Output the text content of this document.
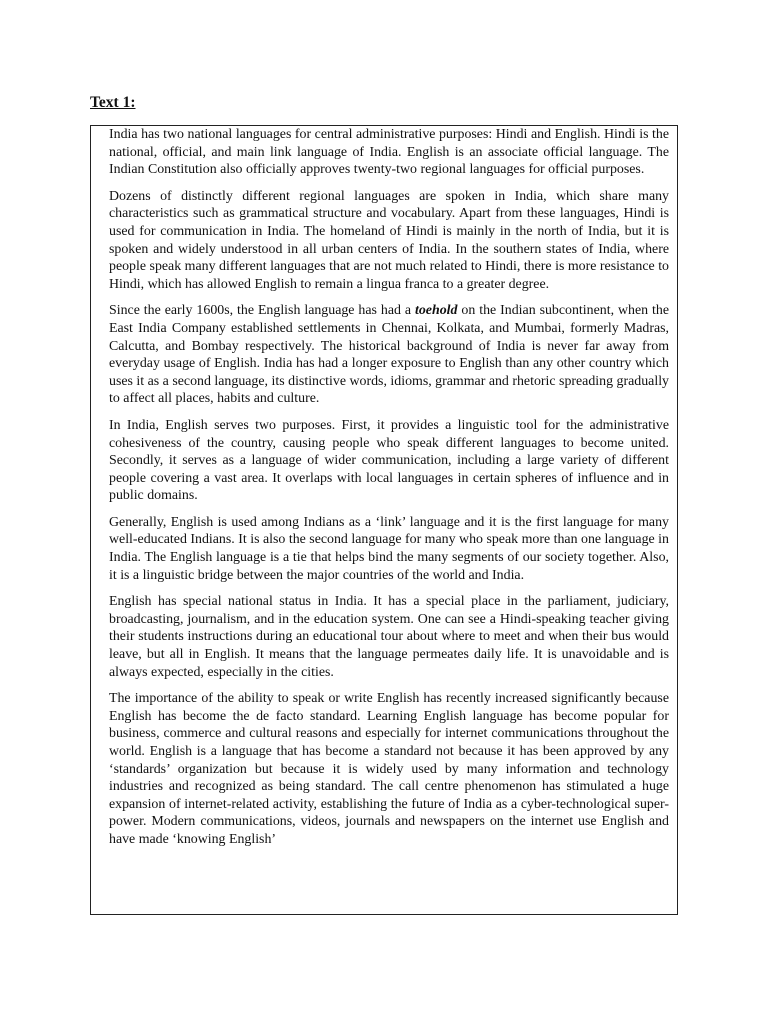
Text 1:

India has two national languages for central administrative purposes: Hindi and English. Hindi is the national, official, and main link language of India. English is an associate official language. The Indian Constitution also officially approves twenty-two regional languages for official purposes.

Dozens of distinctly different regional languages are spoken in India, which share many characteristics such as grammatical structure and vocabulary. Apart from these languages, Hindi is used for communication in India. The homeland of Hindi is mainly in the north of India, but it is spoken and widely understood in all urban centers of India. In the southern states of India, where people speak many different languages that are not much related to Hindi, there is more resistance to Hindi, which has allowed English to remain a lingua franca to a greater degree.

Since the early 1600s, the English language has had a toehold on the Indian subcontinent, when the East India Company established settlements in Chennai, Kolkata, and Mumbai, formerly Madras, Calcutta, and Bombay respectively. The historical background of India is never far away from everyday usage of English. India has had a longer exposure to English than any other country which uses it as a second language, its distinctive words, idioms, grammar and rhetoric spreading gradually to affect all places, habits and culture.

In India, English serves two purposes. First, it provides a linguistic tool for the administrative cohesiveness of the country, causing people who speak different languages to become united. Secondly, it serves as a language of wider communication, including a large variety of different people covering a vast area. It overlaps with local languages in certain spheres of influence and in public domains.

Generally, English is used among Indians as a ‘link’ language and it is the first language for many well-educated Indians. It is also the second language for many who speak more than one language in India. The English language is a tie that helps bind the many segments of our society together. Also, it is a linguistic bridge between the major countries of the world and India.

English has special national status in India. It has a special place in the parliament, judiciary, broadcasting, journalism, and in the education system. One can see a Hindi-speaking teacher giving their students instructions during an educational tour about where to meet and when their bus would leave, but all in English. It means that the language permeates daily life. It is unavoidable and is always expected, especially in the cities.

The importance of the ability to speak or write English has recently increased significantly because English has become the de facto standard. Learning English language has become popular for business, commerce and cultural reasons and especially for internet communications throughout the world. English is a language that has become a standard not because it has been approved by any ‘standards’ organization but because it is widely used by many information and technology industries and recognized as being standard. The call centre phenomenon has stimulated a huge expansion of internet-related activity, establishing the future of India as a cyber-technological super-power. Modern communications, videos, journals and newspapers on the internet use English and have made ‘knowing English’
